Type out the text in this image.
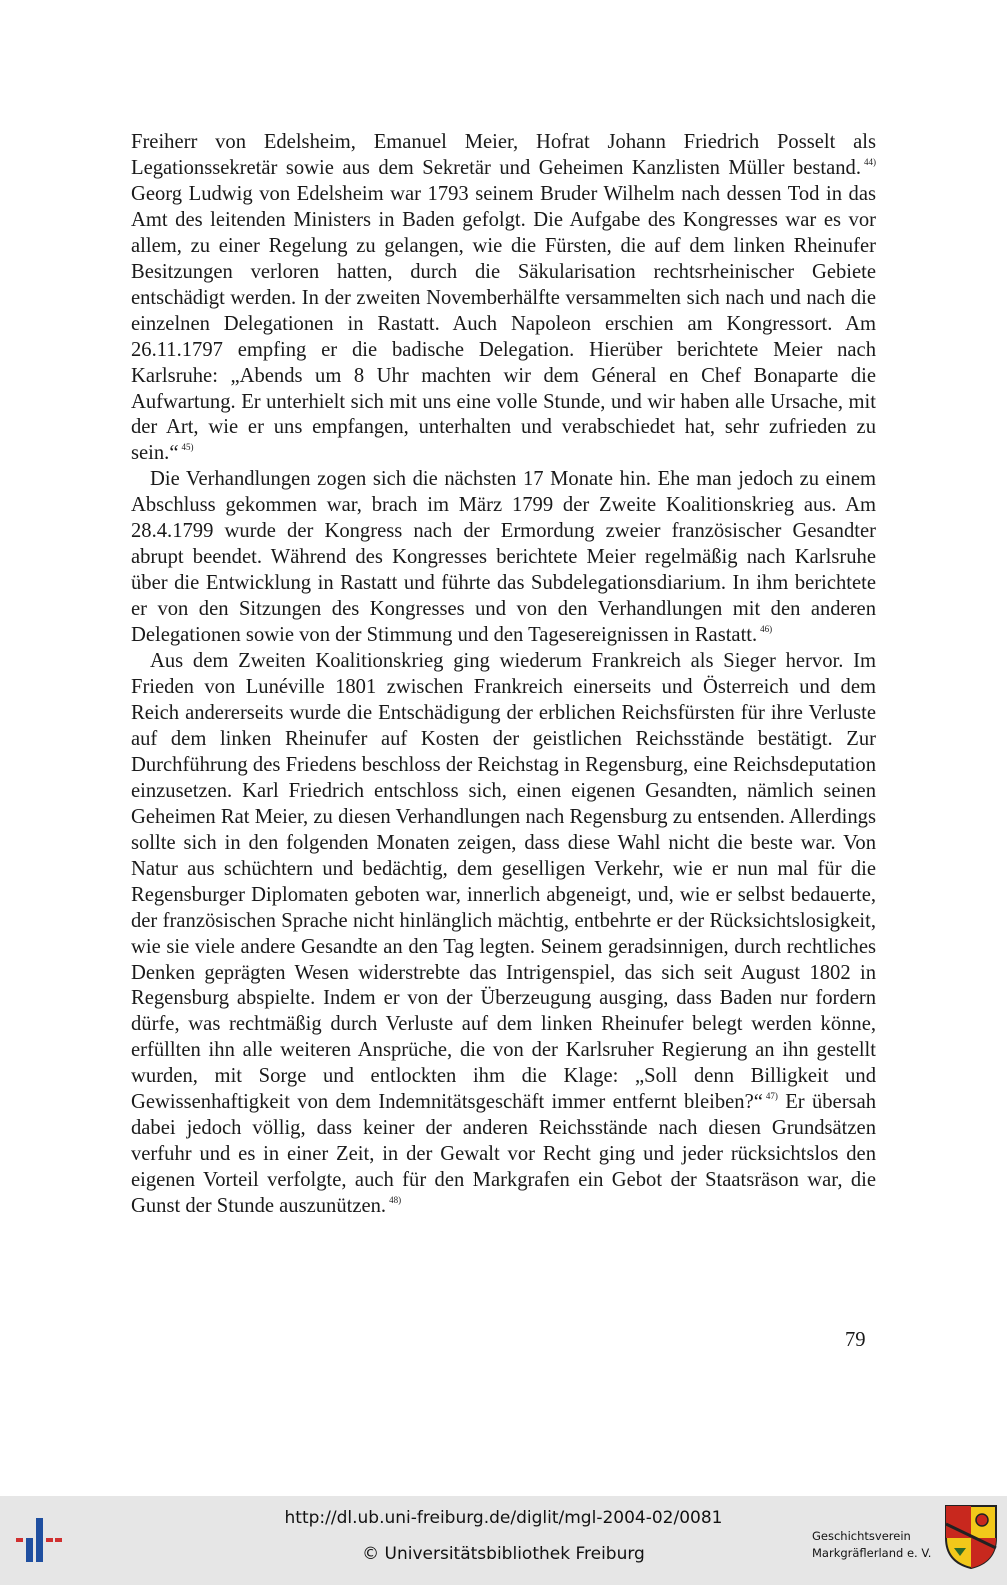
Freiherr von Edelsheim, Emanuel Meier, Hofrat Johann Friedrich Posselt als Legationssekretär sowie aus dem Sekretär und Geheimen Kanzlisten Müller bestand. $^{44)}$ Georg Ludwig von Edelsheim war 1793 seinem Bruder Wilhelm nach dessen Tod in das Amt des leitenden Ministers in Baden gefolgt. Die Aufgabe des Kongresses war es vor allem, zu einer Regelung zu gelangen, wie die Fürsten, die auf dem linken Rheinufer Besitzungen verloren hatten, durch die Säkularisation rechtsrheinischer Gebiete entschädigt werden. In der zweiten Novemberhälfte versammelten sich nach und nach die einzelnen Delegationen in Rastatt. Auch Napoleon erschien am Kongressort. Am 26.11.1797 empfing er die badische Delegation. Hierüber berichtete Meier nach Karlsruhe: „Abends um 8 Uhr machten wir dem Géneral en Chef Bonaparte die Aufwartung. Er unterhielt sich mit uns eine volle Stunde, und wir haben alle Ursache, mit der Art, wie er uns empfangen, unterhalten und verabschiedet hat, sehr zufrieden zu sein.“ $^{45)}$

Die Verhandlungen zogen sich die nächsten 17 Monate hin. Ehe man jedoch zu einem Abschluss gekommen war, brach im März 1799 der Zweite Koalitionskrieg aus. Am 28.4.1799 wurde der Kongress nach der Ermordung zweier französischer Gesandter abrupt beendet. Während des Kongresses berichtete Meier regelmäßig nach Karlsruhe über die Entwicklung in Rastatt und führte das Subdelegationsdiarium. In ihm berichtete er von den Sitzungen des Kongresses und von den Verhandlungen mit den anderen Delegationen sowie von der Stimmung und den Tagesereignissen in Rastatt. $^{46)}$

Aus dem Zweiten Koalitionskrieg ging wiederum Frankreich als Sieger hervor. Im Frieden von Lunéville 1801 zwischen Frankreich einerseits und Österreich und dem Reich andererseits wurde die Entschädigung der erblichen Reichsfürsten für ihre Verluste auf dem linken Rheinufer auf Kosten der geistlichen Reichsstände bestätigt. Zur Durchführung des Friedens beschloss der Reichstag in Regensburg, eine Reichsdeputation einzusetzen. Karl Friedrich entschloss sich, einen eigenen Gesandten, nämlich seinen Geheimen Rat Meier, zu diesen Verhandlungen nach Regensburg zu entsenden. Allerdings sollte sich in den folgenden Monaten zeigen, dass diese Wahl nicht die beste war. Von Natur aus schüchtern und bedächtig, dem geselligen Verkehr, wie er nun mal für die Regensburger Diplomaten geboten war, innerlich abgeneigt, und, wie er selbst bedauerte, der französischen Sprache nicht hinlänglich mächtig, entbehrte er der Rücksichtslosigkeit, wie sie viele andere Gesandte an den Tag legten. Seinem geradsinnigen, durch rechtliches Denken geprägten Wesen widerstrebte das Intrigenspiel, das sich seit August 1802 in Regensburg abspielte. Indem er von der Überzeugung ausging, dass Baden nur fordern dürfe, was rechtmäßig durch Verluste auf dem linken Rheinufer belegt werden könne, erfüllten ihn alle weiteren Ansprüche, die von der Karlsruher Regierung an ihn gestellt wurden, mit Sorge und entlockten ihm die Klage: „Soll denn Billigkeit und Gewissenhaftigkeit von dem Indemnitätsgeschäft immer entfernt bleiben?“ $^{47)}$ Er übersah dabei jedoch völlig, dass keiner der anderen Reichsstände nach diesen Grundsätzen verfuhr und es in einer Zeit, in der Gewalt vor Recht ging und jeder rücksichtslos den eigenen Vorteil verfolgte, auch für den Markgrafen ein Gebot der Staatsräson war, die Gunst der Stunde auszunützen. $^{48)}$

79
http://dl.ub.uni-freiburg.de/diglit/mgl-2004-02/0081
© Universitätsbibliothek Freiburg
Geschichtsverein
Markgräflerland e. V.
